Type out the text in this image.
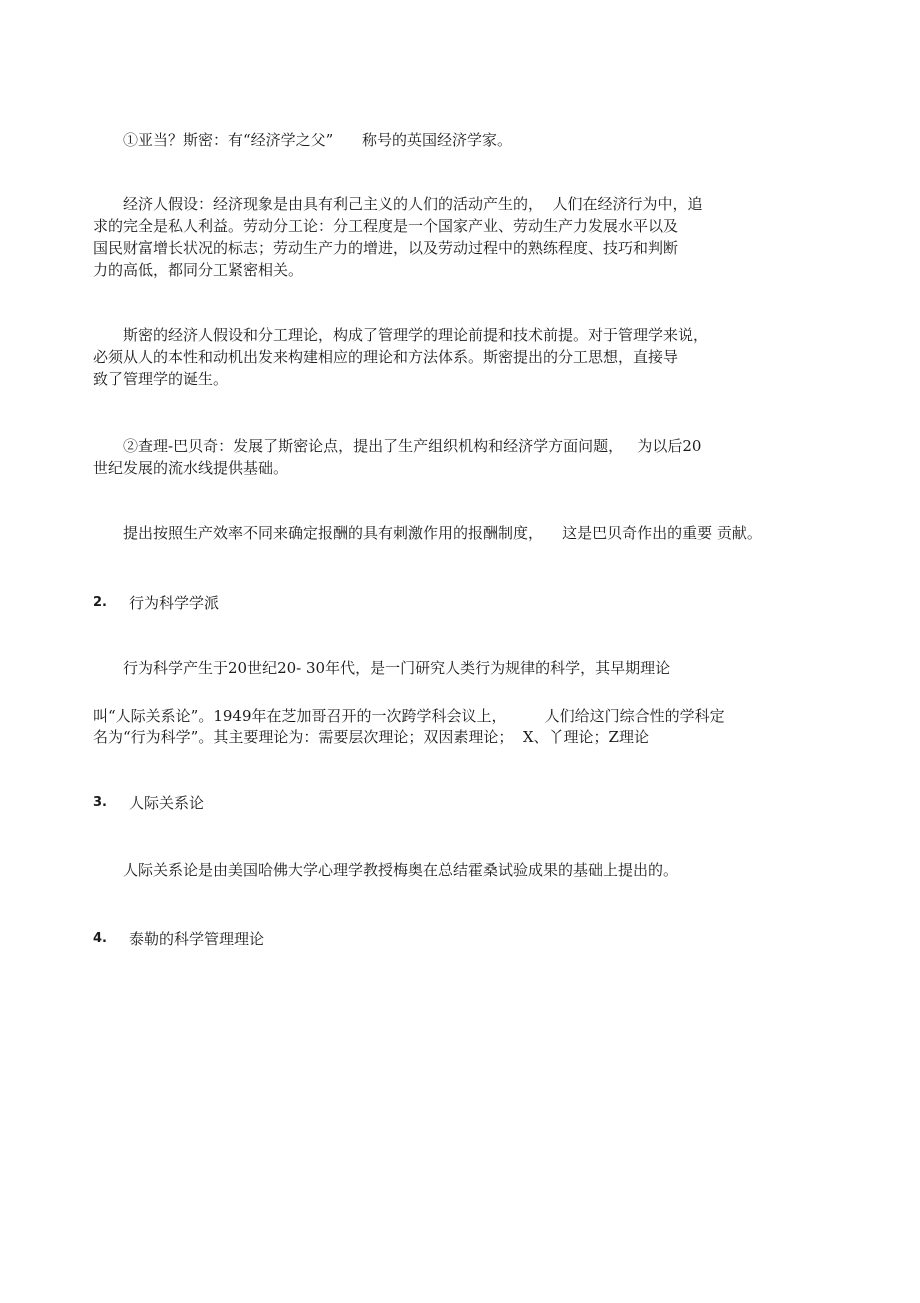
①亚当？斯密：有“经济学之父”      称号的英国经济学家。
经济人假设：经济现象是由具有利己主义的人们的活动产生的，  人们在经济行为中，追
求的完全是私人利益。劳动分工论：分工程度是一个国家产业、劳动生产力发展水平以及
国民财富增长状况的标志；劳动生产力的增进，以及劳动过程中的熟练程度、技巧和判断
力的高低，都同分工紧密相关。
斯密的经济人假设和分工理论，构成了管理学的理论前提和技术前提。对于管理学来说，
必须从人的本性和动机出发来构建相应的理论和方法体系。斯密提出的分工思想，直接导
致了管理学的诞生。
②查理-巴贝奇：发展了斯密论点，提出了生产组织机构和经济学方面问题，   为以后20
世纪发展的流水线提供基础。
提出按照生产效率不同来确定报酬的具有刺激作用的报酬制度，    这是巴贝奇作出的重要 贡献。
2. 行为科学学派
行为科学产生于20世纪20- 30年代，是一门研究人类行为规律的科学，其早期理论
叫“人际关系论”。1949年在芝加哥召开的一次跨学科会议上，        人们给这门综合性的学科定
名为“行为科学”。其主要理论为：需要层次理论；双因素理论；  X、丫理论；Z理论
3. 人际关系论
人际关系论是由美国哈佛大学心理学教授梅奥在总结霍桑试验成果的基础上提出的。
4. 泰勒的科学管理理论
